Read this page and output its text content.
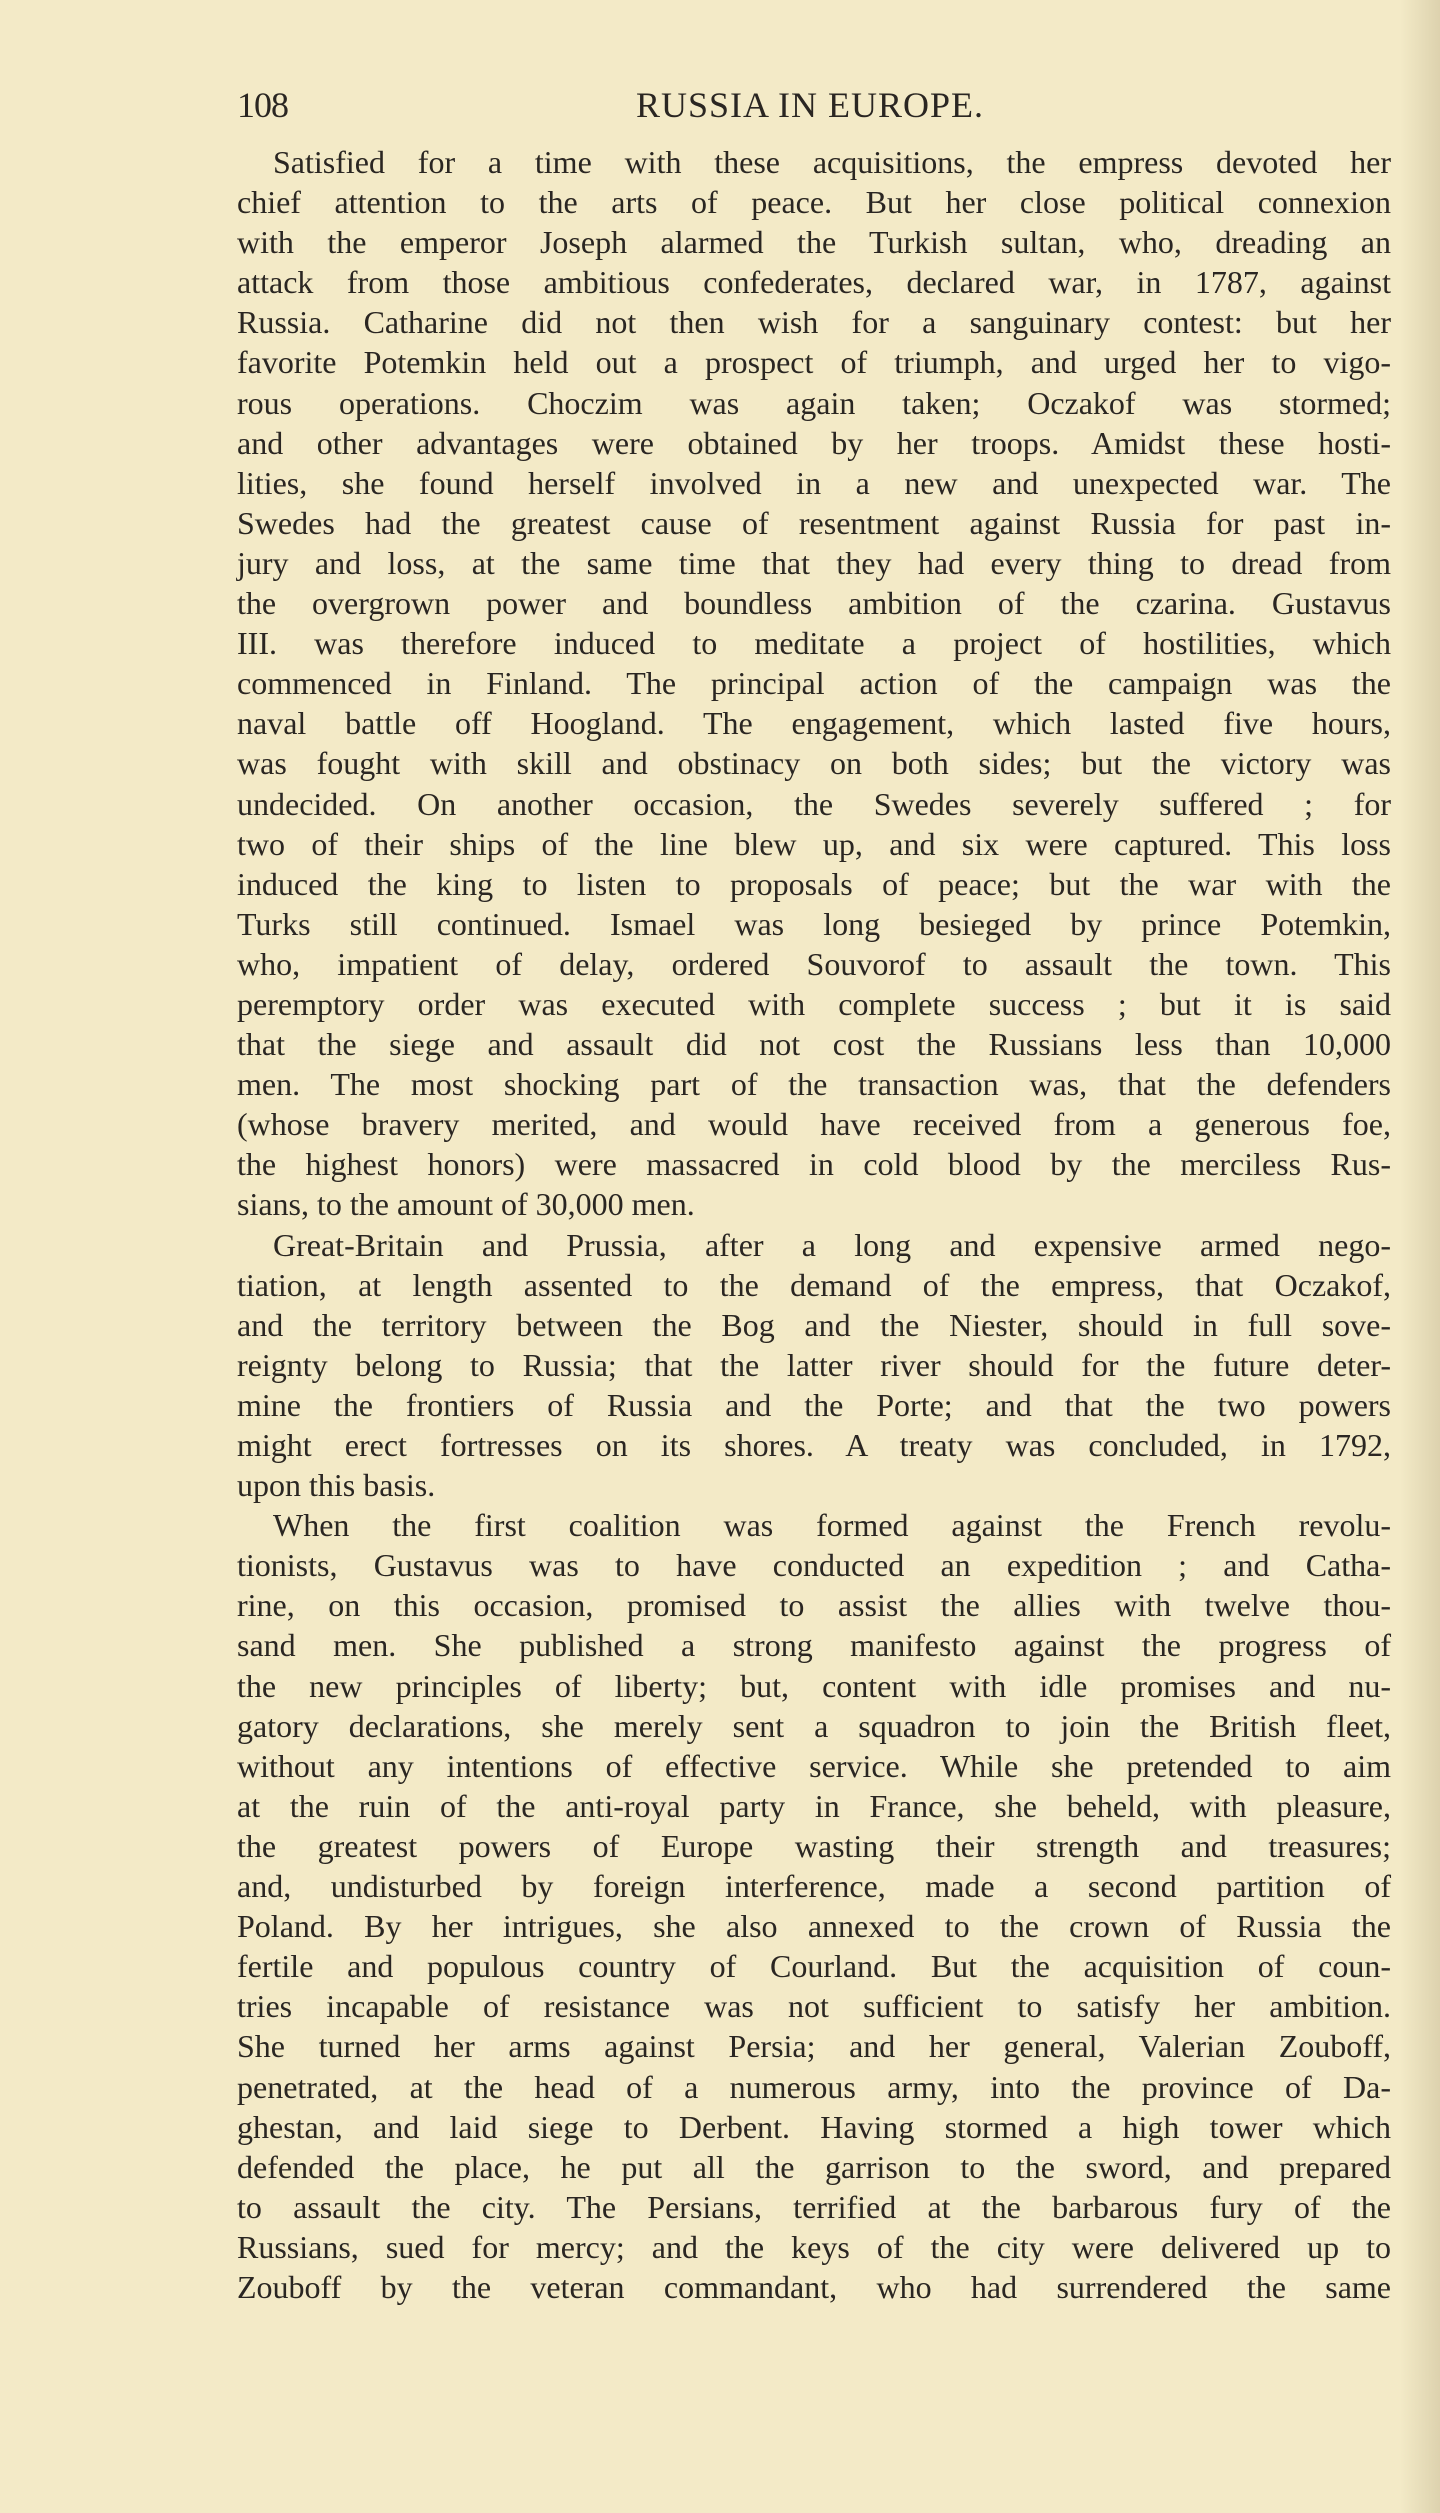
108	RUSSIA IN EUROPE.
Satisfied for a time with these acquisitions, the empress devoted her
chief attention to the arts of peace. But her close political connexion
with the emperor Joseph alarmed the Turkish sultan, who, dreading an
attack from those ambitious confederates, declared war, in 1787, against
Russia. Catharine did not then wish for a sanguinary contest: but her
favorite Potemkin held out a prospect of triumph, and urged her to vigo-
rous operations. Choczim was again taken; Oczakof was stormed;
and other advantages were obtained by her troops. Amidst these hosti-
lities, she found herself involved in a new and unexpected war. The
Swedes had the greatest cause of resentment against Russia for past in-
jury and loss, at the same time that they had every thing to dread from
the overgrown power and boundless ambition of the czarina. Gustavus
III. was therefore induced to meditate a project of hostilities, which
commenced in Finland. The principal action of the campaign was the
naval battle off Hoogland. The engagement, which lasted five hours,
was fought with skill and obstinacy on both sides; but the victory was
undecided. On another occasion, the Swedes severely suffered ; for
two of their ships of the line blew up, and six were captured. This loss
induced the king to listen to proposals of peace; but the war with the
Turks still continued. Ismael was long besieged by prince Potemkin,
who, impatient of delay, ordered Souvorof to assault the town. This
peremptory order was executed with complete success ; but it is said
that the siege and assault did not cost the Russians less than 10,000
men. The most shocking part of the transaction was, that the defenders
(whose bravery merited, and would have received from a generous foe,
the highest honors) were massacred in cold blood by the merciless Rus-
sians, to the amount of 30,000 men.
Great-Britain and Prussia, after a long and expensive armed nego-
tiation, at length assented to the demand of the empress, that Oczakof,
and the territory between the Bog and the Niester, should in full sove-
reignty belong to Russia; that the latter river should for the future deter-
mine the frontiers of Russia and the Porte; and that the two powers
might erect fortresses on its shores. A treaty was concluded, in 1792,
upon this basis.
When the first coalition was formed against the French revolu-
tionists, Gustavus was to have conducted an expedition ; and Catha-
rine, on this occasion, promised to assist the allies with twelve thou-
sand men. She published a strong manifesto against the progress of
the new principles of liberty; but, content with idle promises and nu-
gatory declarations, she merely sent a squadron to join the British fleet,
without any intentions of effective service. While she pretended to aim
at the ruin of the anti-royal party in France, she beheld, with pleasure,
the greatest powers of Europe wasting their strength and treasures;
and, undisturbed by foreign interference, made a second partition of
Poland. By her intrigues, she also annexed to the crown of Russia the
fertile and populous country of Courland. But the acquisition of coun-
tries incapable of resistance was not sufficient to satisfy her ambition.
She turned her arms against Persia; and her general, Valerian Zouboff,
penetrated, at the head of a numerous army, into the province of Da-
ghestan, and laid siege to Derbent. Having stormed a high tower which
defended the place, he put all the garrison to the sword, and prepared
to assault the city. The Persians, terrified at the barbarous fury of the
Russians, sued for mercy; and the keys of the city were delivered up to
Zouboff by the veteran commandant, who had surrendered the same
